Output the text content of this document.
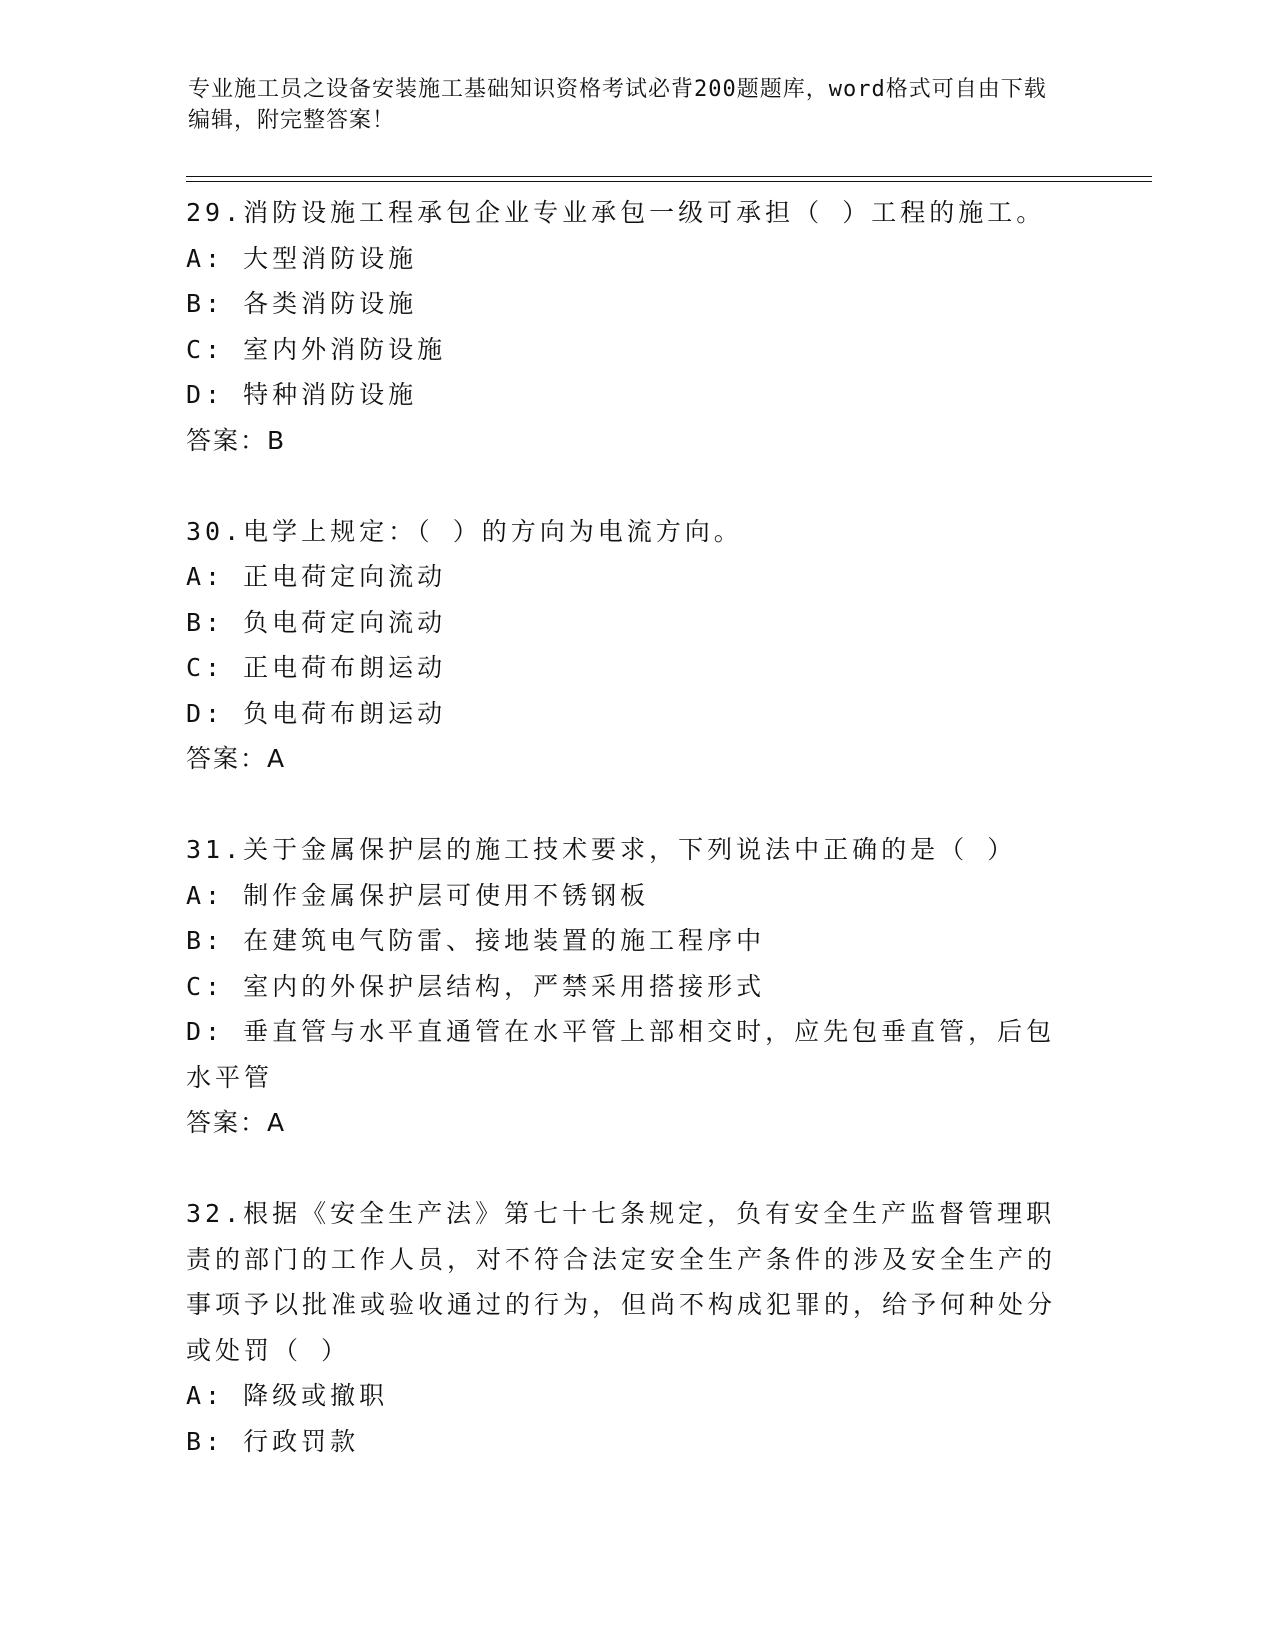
专业施工员之设备安装施工基础知识资格考试必背200题题库，word格式可自由下载编辑，附完整答案！
29.消防设施工程承包企业专业承包一级可承担（ ）工程的施工。
A: 大型消防设施
B: 各类消防设施
C: 室内外消防设施
D: 特种消防设施
答案：B
30.电学上规定：（ ）的方向为电流方向。
A: 正电荷定向流动
B: 负电荷定向流动
C: 正电荷布朗运动
D: 负电荷布朗运动
答案：A
31.关于金属保护层的施工技术要求，下列说法中正确的是（ ）
A: 制作金属保护层可使用不锈钢板
B: 在建筑电气防雷、接地装置的施工程序中
C: 室内的外保护层结构，严禁采用搭接形式
D: 垂直管与水平直通管在水平管上部相交时，应先包垂直管，后包水平管
答案：A
32.根据《安全生产法》第七十七条规定，负有安全生产监督管理职责的部门的工作人员，对不符合法定安全生产条件的涉及安全生产的事项予以批准或验收通过的行为，但尚不构成犯罪的，给予何种处分或处罚（ ）
A: 降级或撤职
B: 行政罚款
